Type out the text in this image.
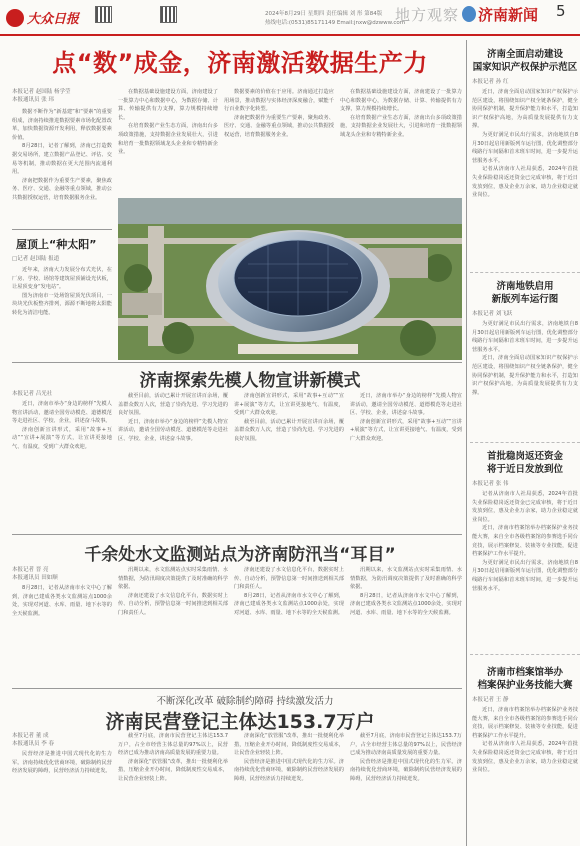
大众日报	2024年8月29日 星期四 责任编辑 刘 彤 第84版
热线电话:(0531)85171149 Email:jnxw@dzwww.com
地方观察 济南新闻 5
点“数”成金，济南激活数据生产力
本报记者 赵国陆 杨学莹
本报通讯员 张 玮

数据不断作为“新基建”和“要素”的重要组成，济南持续推进数据要素市场化配置改革，加快数据资源开发利用，释放数据要素价值。

8月28日，记者了解到，济南已打造数据交易场所，建立数据产品登记、评估、交易等机制，推动数据在更大范围内流通利用。

济南把数据作为重要生产要素，聚焦政务、医疗、交通、金融等重点领域，推动公共数据授权运营，培育数据服务企业。

在数据基础设施建设方面，济南建设了一批算力中心和数据中心，为数据存储、计算、传输提供有力支撑，算力规模持续增长。

在培育数据产业生态方面，济南出台多项政策措施，支持数据企业发展壮大，引进和培育一批数据领域龙头企业和专精特新企业。

数据要素的价值在于应用。济南通过打造应用场景，推动数据与实体经济深度融合，赋能千行百业数字化转型。

济南把数据作为重要生产要素，聚焦政务、医疗、交通、金融等重点领域，推动公共数据授权运营，培育数据服务企业。

在数据基础设施建设方面，济南建设了一批算力中心和数据中心，为数据存储、计算、传输提供有力支撑，算力规模持续增长。

在培育数据产业生态方面，济南出台多项政策措施，支持数据企业发展壮大，引进和培育一批数据领域龙头企业和专精特新企业。

屋顶上“种太阳”
□记者 赵国陆 报道

近年来，济南大力发展分布式光伏，在厂房、学校、场馆等建筑屋顶铺设光伏板，让屋顶变身“发电站”。

图为济南市一处场馆屋顶光伏项目，一块块光伏板整齐排列，源源不断地将太阳能转化为清洁电能。

济南探索先模人物宣讲新模式
本报记者 吕光社

近日，济南市举办“身边的榜样”先模人物宣讲活动，邀请全国劳动模范、道德模范等走进社区、学校、企业，讲述奋斗故事。

济南创新宣讲形式，采用“故事+互动”“宣讲+展演”等方式，让宣讲更接地气、有温度，受到广大群众欢迎。

截至目前，活动已累计开展宣讲百余场，覆盖群众数万人次，营造了崇尚先进、学习先进的良好氛围。

近日，济南市举办“身边的榜样”先模人物宣讲活动，邀请全国劳动模范、道德模范等走进社区、学校、企业，讲述奋斗故事。

济南创新宣讲形式，采用“故事+互动”“宣讲+展演”等方式，让宣讲更接地气、有温度，受到广大群众欢迎。

截至目前，活动已累计开展宣讲百余场，覆盖群众数万人次，营造了崇尚先进、学习先进的良好氛围。

近日，济南市举办“身边的榜样”先模人物宣讲活动，邀请全国劳动模范、道德模范等走进社区、学校、企业，讲述奋斗故事。

济南创新宣讲形式，采用“故事+互动”“宣讲+展演”等方式，让宣讲更接地气、有温度，受到广大群众欢迎。

千余处水文监测站点为济南防汛当“耳目”
本报记者 晋 亮
本报通讯员 田如顺

8月28日，记者从济南市水文中心了解到，济南已建成各类水文监测站点1000余处，实现对河道、水库、雨量、地下水等的全天候监测。

汛期以来，水文监测站点实时采集雨情、水情数据，为防汛调度决策提供了及时准确的科学依据。

济南还建设了水文信息化平台，数据实时上传、自动分析，预警信息第一时间推送到相关部门和责任人。

济南还建设了水文信息化平台，数据实时上传、自动分析，预警信息第一时间推送到相关部门和责任人。

8月28日，记者从济南市水文中心了解到，济南已建成各类水文监测站点1000余处，实现对河道、水库、雨量、地下水等的全天候监测。

汛期以来，水文监测站点实时采集雨情、水情数据，为防汛调度决策提供了及时准确的科学依据。

8月28日，记者从济南市水文中心了解到，济南已建成各类水文监测站点1000余处，实现对河道、水库、雨量、地下水等的全天候监测。

不断深化改革 破除制约障碍 持续激发活力
济南民营登记主体达153.7万户
本报记者 董 成
本报通讯员 李 春

民营经济是推进中国式现代化的生力军。济南持续优化营商环境，破除制约民营经济发展的障碍，民营经济活力持续迸发。

截至7月底，济南市民营登记主体达153.7万户，占全市经营主体总量的97%以上，民营经济已成为推动济南高质量发展的重要力量。

济南深化“放管服”改革，推出一批便利化举措，压缩企业开办时间，降低制度性交易成本，让民营企业轻装上阵。

济南深化“放管服”改革，推出一批便利化举措，压缩企业开办时间，降低制度性交易成本，让民营企业轻装上阵。

民营经济是推进中国式现代化的生力军。济南持续优化营商环境，破除制约民营经济发展的障碍，民营经济活力持续迸发。

截至7月底，济南市民营登记主体达153.7万户，占全市经营主体总量的97%以上，民营经济已成为推动济南高质量发展的重要力量。

民营经济是推进中国式现代化的生力军。济南持续优化营商环境，破除制约民营经济发展的障碍，民营经济活力持续迸发。

济南全面启动建设
国家知识产权保护示范区
本报记者 孙 红

近日，济南全面启动国家知识产权保护示范区建设，将围绕知识产权全链条保护，健全协同保护机制，提升保护能力和水平，打造知识产权保护高地，为高质量发展提供有力支撑。

为更好满足市民出行需求，济南地铁自8月30日起启用新版列车运行图，优化调整部分线路行车间隔和首末班车时间，进一步提升运营服务水平。

记者从济南市人社局获悉，2024年首批失业保险稳岗返还资金已完成审核，将于近日发放到位，惠及企业万余家，助力企业稳定就业岗位。

济南地铁启用
新版列车运行图
本报记者 刘飞跃

为更好满足市民出行需求，济南地铁自8月30日起启用新版列车运行图，优化调整部分线路行车间隔和首末班车时间，进一步提升运营服务水平。

近日，济南全面启动国家知识产权保护示范区建设，将围绕知识产权全链条保护，健全协同保护机制，提升保护能力和水平，打造知识产权保护高地，为高质量发展提供有力支撑。

首批稳岗返还资金
将于近日发放到位
本报记者 张 伟

记者从济南市人社局获悉，2024年首批失业保险稳岗返还资金已完成审核，将于近日发放到位，惠及企业万余家，助力企业稳定就业岗位。

近日，济南市档案馆举办档案保护业务技能大赛，来自全市各级档案馆的参赛选手同台竞技，展示档案修复、装裱等专业技能，促进档案保护工作水平提升。

为更好满足市民出行需求，济南地铁自8月30日起启用新版列车运行图，优化调整部分线路行车间隔和首末班车时间，进一步提升运营服务水平。

济南市档案馆举办
档案保护业务技能大赛
本报记者 王 静

近日，济南市档案馆举办档案保护业务技能大赛，来自全市各级档案馆的参赛选手同台竞技，展示档案修复、装裱等专业技能，促进档案保护工作水平提升。

记者从济南市人社局获悉，2024年首批失业保险稳岗返还资金已完成审核，将于近日发放到位，惠及企业万余家，助力企业稳定就业岗位。
